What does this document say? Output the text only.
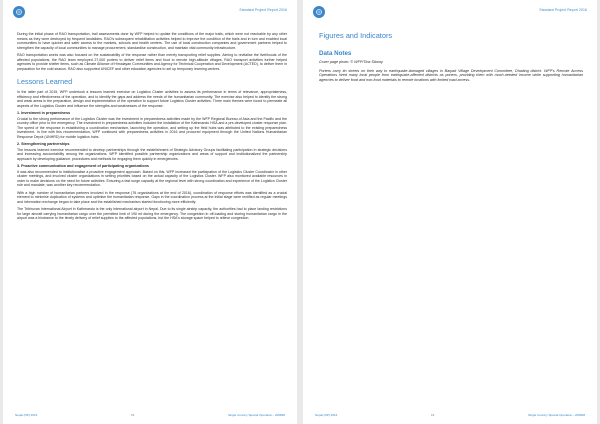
Standard Project Report 2016

During the initial phase of RAO transportation, trail assessments done by WFP helped to update the conditions of the major trails, which were not reachable by any other means as they were destroyed by frequent landslides. RAO's subsequent rehabilitation activities helped to improve the condition of the trails and in turn and enabled local communities to have quicker and safer access to the markets, schools and health centers. The use of local construction companies and government partners helped to strengthen the capacity of local communities to manage procurement, standardise construction, and maintain vital community infrastructure.

RAO transportation works was also focused on the sustainability of the response rather than merely transporting relief supplies. Aiming to revitalise the livelihoods of the affected populations, the RAO team employed 27,000 porters to deliver relief items and food to remote high-altitude villages. RAO transport activities further helped agencies to provide shelter items, such as Climate Alliance of Himalayan Communities and Agency for Technical Cooperation and Development (ACTED), to deliver them in preparation for the cold season. RAO also supported UNICEF and other education agencies to set up temporary learning centres.

Lessons Learned

In the latter part of 2015, WFP undertook a lessons learned exercise on Logistics Cluster activities to assess its performance in terms of relevance, appropriateness, efficiency and effectiveness of the operation, and to identify the gaps and address the needs of the humanitarian community. The exercise also helped to identify the strong and weak areas in the preparation, design and implementation of the operation to support future Logistics Cluster activities. Three main themes were found to permeate all aspects of the Logistics Cluster and influence the strengths and weaknesses of the response:

1. Investment in preparedness

Crucial to the strong performance of the Logistics Cluster was the investment in preparedness activities made by the WFP Regional Bureau of Asia and the Pacific and the country office prior to the emergency. The investment in preparedness activities included the installation of the Kathmandu HSA and a pre-developed cluster response plan. The speed of the response in establishing a coordination mechanism, launching the operation, and setting up the field hubs was attributed to the existing preparedness investment. In line with this recommendation, WFP continued with preparedness activities in 2016 and procured equipment through the United Nations Humanitarian Response Depot (UNHRD) for mobile logistics hubs.

2. Strengthening partnerships

The lessons learned exercise recommended to develop partnerships through the establishment of Strategic Advisory Groups facilitating participation in strategic decisions and increasing accountability among the organizations. WFP identified possible partnership organizations and areas of support and institutionalized the partnership approach by developing guidance, procedures and methods for engaging them quickly in emergencies.

3. Proactive communication and engagement of participating organizations

It was also recommended to institutionalise a proactive engagement approach. Based on this, WFP increased the participation of the Logistics Cluster Coordinator in other cluster meetings, and involved cluster organizations in setting priorities based on the actual capacity of the Logistics Cluster. WFP also monitored available resources in order to make decisions on the need for future activities. Ensuring a fast surge capacity at the regional level with strong coordination and experience of the Logistics Cluster role and mandate, was another key recommendation.

With a high number of humanitarian partners involved in the response (76 organizations at the end of 2016), coordination of response efforts was identified as a crucial element to minimise duplication of systems and optimise the humanitarian response. Gaps in the coordination process at the initial stage were rectified as regular meetings and information exchange began to take place and the established mechanism started functioning more efficiently.

The Tribhuvan International Airport in Kathmandu is the only international airport in Nepal. Due to its single airstrip capacity, the authorities had to place landing restrictions for large aircraft carrying humanitarian cargo over the permitted limit of 190 mt during the emergency. The congestion in off-loading and storing humanitarian cargo in the airport was a hindrance to the timely delivery of relief supplies to the affected populations, but the HSA's storage space helped to relieve congestion.

Nepal (NP) 2016	15	Single Country Special Operation - 200848
Standard Project Report 2016
Figures and Indicators
Data Notes

Cover page photo: © WFP/Tina Sibony.

Porters carry tin sheets on their way to earthquake-damaged villages in Barpak Village Development Committee, Dhading district. WFP's Remote Access Operations hired many local people from earthquake-affected districts as porters, providing them with much-needed income while supporting humanitarian agencies to deliver food and non-food materials to remote locations with limited road access.

Nepal (NP) 2016	16	Single Country Special Operation - 200848
